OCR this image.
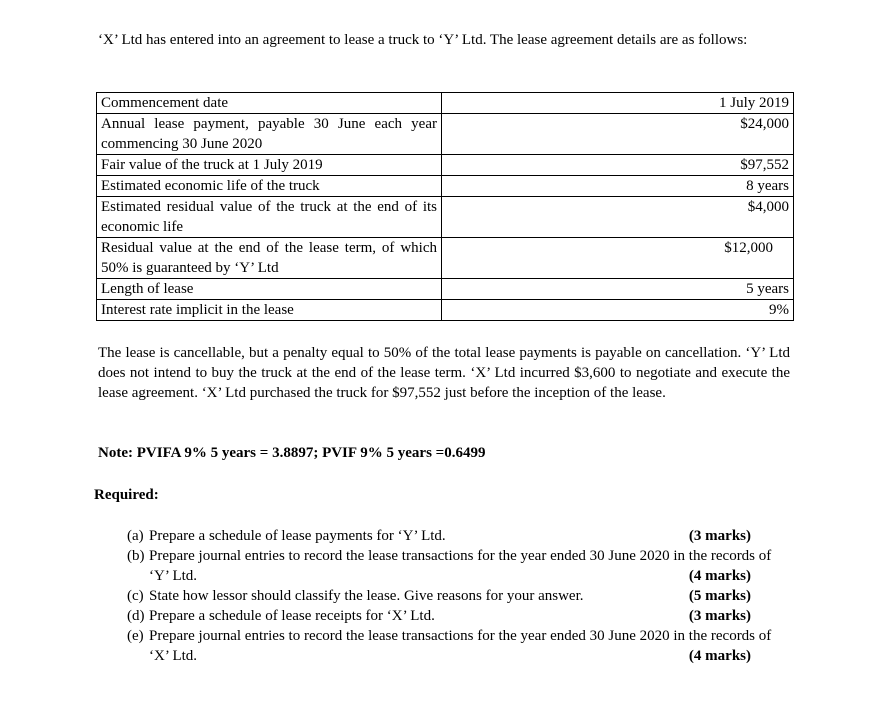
‘X’ Ltd has entered into an agreement to lease a truck to ‘Y’ Ltd. The lease agreement details are as follows:
Commencement date	1 July 2019
Annual lease payment, payable 30 June each year commencing 30 June 2020	$24,000
Fair value of the truck at 1 July 2019	$97,552
Estimated economic life of the truck	8 years
Estimated residual value of the truck at the end of its economic life	$4,000
Residual value at the end of the lease term, of which 50% is guaranteed by ‘Y’ Ltd	$12,000
Length of lease	5 years
Interest rate implicit in the lease	9%
The lease is cancellable, but a penalty equal to 50% of the total lease payments is payable on cancellation. ‘Y’ Ltd does not intend to buy the truck at the end of the lease term. ‘X’ Ltd incurred $3,600 to negotiate and execute the lease agreement. ‘X’ Ltd purchased the truck for $97,552 just before the inception of the lease.
Note: PVIFA 9% 5 years = 3.8897; PVIF 9% 5 years =0.6499
Required:
(a) Prepare a schedule of lease payments for ‘Y’ Ltd.	(3 marks)
(b) Prepare journal entries to record the lease transactions for the year ended 30 June 2020 in the records of ‘Y’ Ltd.	(4 marks)
(c) State how lessor should classify the lease. Give reasons for your answer.	(5 marks)
(d) Prepare a schedule of lease receipts for ‘X’ Ltd.	(3 marks)
(e) Prepare journal entries to record the lease transactions for the year ended 30 June 2020 in the records of ‘X’ Ltd.	(4 marks)
